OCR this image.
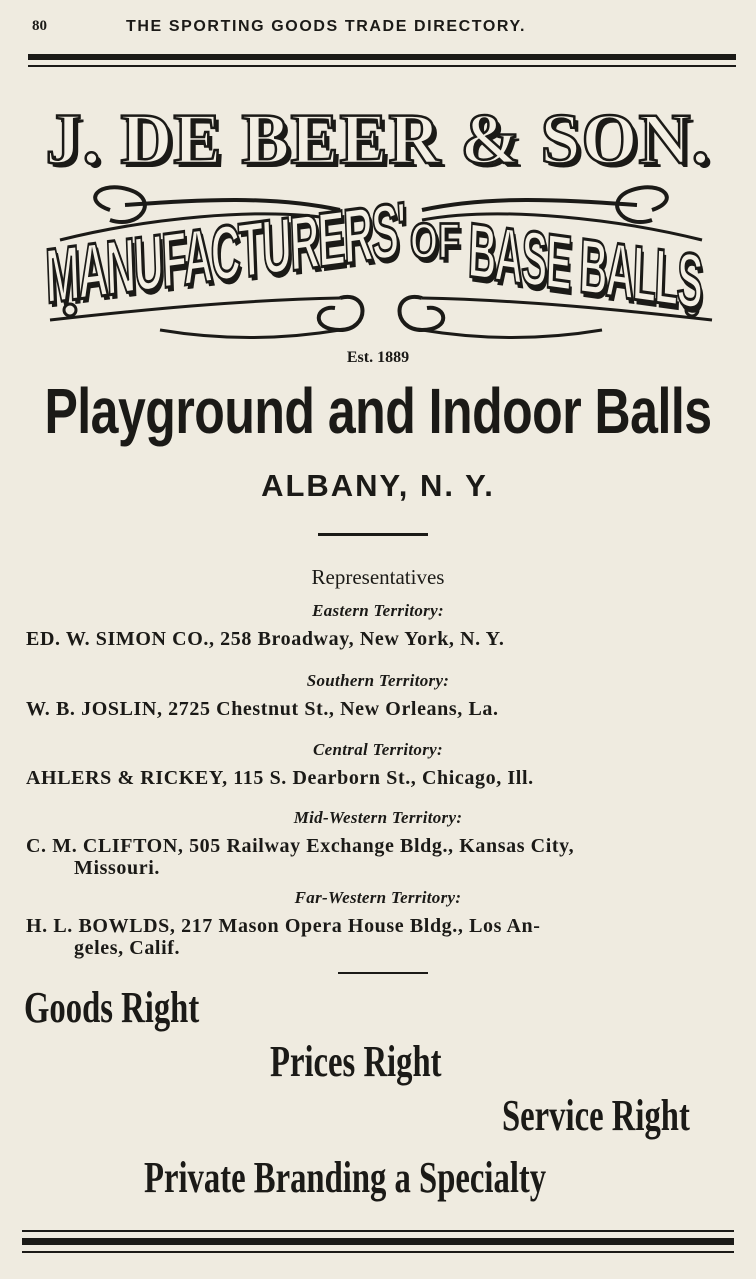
80	THE SPORTING GOODS TRADE DIRECTORY.
J. DE BEER & SON.
MANUFACTURERS' OF BASE BALLS
Est. 1889
Playground and Indoor Balls
ALBANY, N. Y.
Representatives
Eastern Territory:
ED. W. SIMON CO., 258 Broadway, New York, N. Y.
Southern Territory:
W. B. JOSLIN, 2725 Chestnut St., New Orleans, La.
Central Territory:
AHLERS & RICKEY, 115 S. Dearborn St., Chicago, Ill.
Mid-Western Territory:
C. M. CLIFTON, 505 Railway Exchange Bldg., Kansas City,
Missouri.
Far-Western Territory:
H. L. BOWLDS, 217 Mason Opera House Bldg., Los An-
geles, Calif.
Goods Right
Prices Right
Service Right
Private Branding a Specialty
